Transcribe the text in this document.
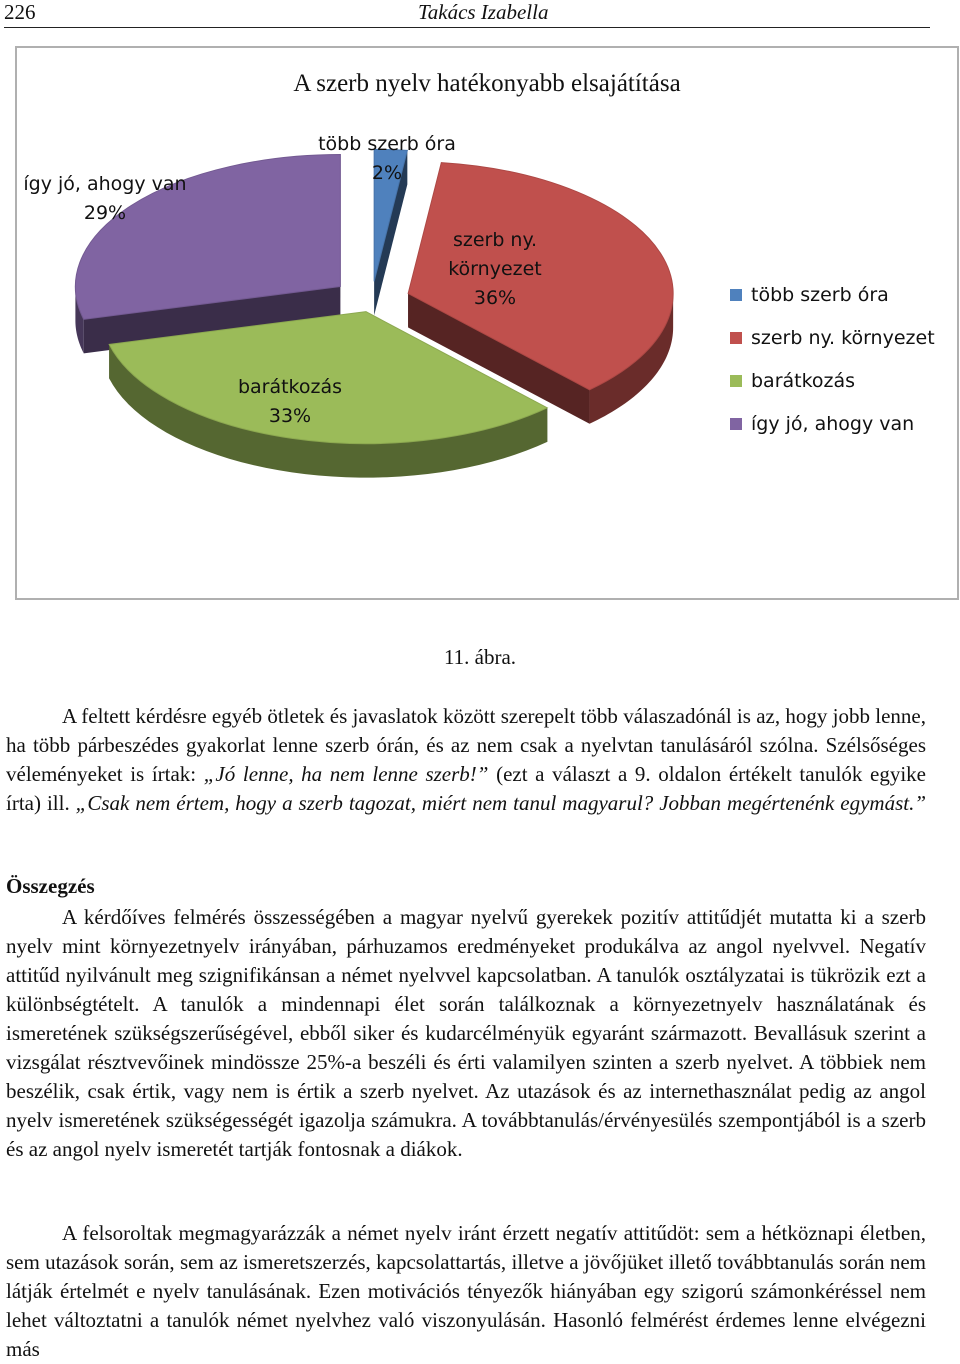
226	Takács Izabella
A szerb nyelv hatékonyabb elsajátítása
így jó, ahogy van
29%
több szerb óra
2%
szerb ny.
környezet
36%
barátkozás
33%
több szerb óra
szerb ny. környezet
barátkozás
így jó, ahogy van
11. ábra.
A feltett kérdésre egyéb ötletek és javaslatok között szerepelt több válaszadónál is az, hogy jobb lenne, ha több párbeszédes gyakorlat lenne szerb órán, és az nem csak a nyelvtan tanulásáról szólna. Szélsőséges véleményeket is írtak: „Jó lenne, ha nem lenne szerb!” (ezt a választ a 9. oldalon értékelt tanulók egyike írta) ill. „Csak nem értem, hogy a szerb tagozat, miért nem tanul magyarul? Jobban megértenénk egymást.”
Összegzés
A kérdőíves felmérés összességében a magyar nyelvű gyerekek pozitív attitűdjét mutatta ki a szerb nyelv mint környezetnyelv irányában, párhuzamos eredményeket produkálva az angol nyelvvel. Negatív attitűd nyilvánult meg szignifikánsan a német nyelvvel kapcsolatban. A tanulók osztályzatai is tükrözik ezt a különbségtételt. A tanulók a mindennapi élet során találkoznak a környezetnyelv használatának és ismeretének szükségszerűségével, ebből siker és kudarcélményük egyaránt származott. Bevallásuk szerint a vizsgálat résztvevőinek mindössze 25%-a beszéli és érti valamilyen szinten a szerb nyelvet. A többiek nem beszélik, csak értik, vagy nem is értik a szerb nyelvet. Az utazások és az internethasználat pedig az angol nyelv ismeretének szükségességét igazolja számukra. A továbbtanulás/érvényesülés szempontjából is a szerb és az angol nyelv ismeretét tartják fontosnak a diákok.
A felsoroltak megmagyarázzák a német nyelv iránt érzett negatív attitűdöt: sem a hétköznapi életben, sem utazások során, sem az ismeretszerzés, kapcsolattartás, illetve a jövőjüket illető továbbtanulás során nem látják értelmét e nyelv tanulásának. Ezen motivációs tényezők hiányában egy szigorú számonkéréssel nem lehet változtatni a tanulók német nyelvhez való viszonyulásán. Hasonló felmérést érdemes lenne elvégezni más
